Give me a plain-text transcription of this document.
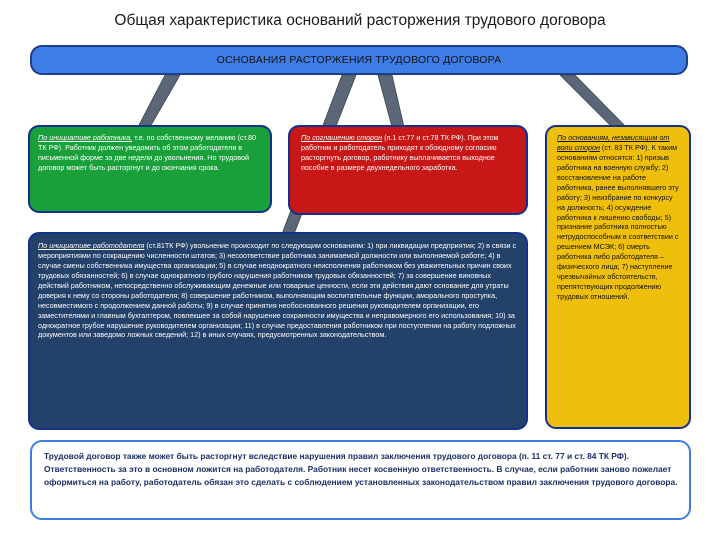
Общая характеристика оснований расторжения трудового договора
ОСНОВАНИЯ РАСТОРЖЕНИЯ ТРУДОВОГО ДОГОВОРА
По инициативе работника, т.е. по собственному желанию (ст.80 ТК РФ). Работник должен уведомить об этом работодателя в письменной форме за две недели до увольнения. Но трудовой договор может быть расторгнут и до окончания срока.
По соглашению сторон (п.1 ст.77 и ст.78 ТК РФ). При этом работник и работодатель приходят к обоюдному согласию расторгнуть договор, работнику выплачивается выходное пособие в размере двухнедельного заработка.
По инициативе работодателя (ст.81ТК РФ) увольнение происходит по следующим основаниям: 1) при ликвидации предприятия; 2) в связи с мероприятиями по сокращению численности штатов; 3) несоответствие работника занимаемой должности или выполняемой работе; 4) в случае смены собственника имущества организации; 5) в случае неоднократного неисполнения работником без уважительных причин своих трудовых обязанностей; 6) в случае однократного грубого нарушения работником трудовых обязанностей; 7) за совершение виновных действий работником, непосредственно обслуживающим денежные или товарные ценности, если эти действия дают основание для утраты доверия к нему со стороны работодателя; 8) совершение работником, выполняющим воспитательные функции, аморального проступка, несовместимого с продолжением данной работы; 9) в случае принятия необоснованного решения руководителем организации, его заместителями и главным бухгалтером, повлекшее за собой нарушение сохранности имущества и неправомерного его использования; 10) за однократное грубое нарушение руководителем организации; 11) в случае предоставления работником при поступлении на работу подложных документов или заведомо ложных сведений; 12) в иных случаях, предусмотренных законодательством.
По основаниям, независящим от воли сторон (ст. 83 ТК РФ). К таким основаниям относятся: 1) призыв работника на военную службу; 2) восстановление на работе работника, ранее выполнявшего эту работу; 3) неизбрание по конкурсу на должность; 4) осуждение работника к лишению свободы; 5) признание работника полностью нетрудоспособным в соответствии с решением МСЭК; 6) смерть работника либо работодателя – физического лица; 7) наступление чрезвычайных обстоятельств, препятствующих продолжению трудовых отношений.
Трудовой договор также может быть расторгнут вследствие нарушения правил заключения трудового договора (п. 11 ст. 77 и ст. 84 ТК РФ). Ответственность за это в основном ложится на работодателя. Работник несет косвенную ответственность. В случае, если работник заново пожелает оформиться на работу, работодатель обязан это сделать с соблюдением установленных законодательством правил заключения трудового договора.
